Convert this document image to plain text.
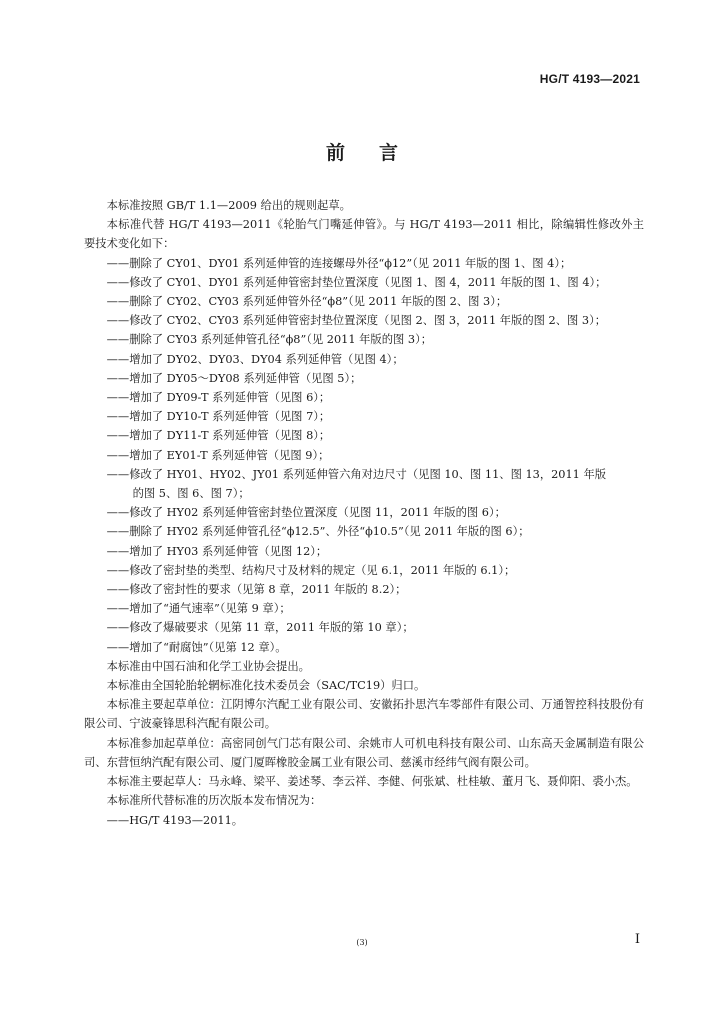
HG/T 4193—2021
前言

本标准按照 GB/T 1.1—2009 给出的规则起草。

本标准代替 HG/T 4193—2011《轮胎气门嘴延伸管》。与 HG/T 4193—2011 相比，除编辑性修改外主要技术变化如下：

——删除了 CY01、DY01 系列延伸管的连接螺母外径“ϕ12”（见 2011 年版的图 1、图 4）；

——修改了 CY01、DY01 系列延伸管密封垫位置深度（见图 1、图 4，2011 年版的图 1、图 4）；

——删除了 CY02、CY03 系列延伸管外径“ϕ8”（见 2011 年版的图 2、图 3）；

——修改了 CY02、CY03 系列延伸管密封垫位置深度（见图 2、图 3，2011 年版的图 2、图 3）；

——删除了 CY03 系列延伸管孔径“ϕ8”（见 2011 年版的图 3）；

——增加了 DY02、DY03、DY04 系列延伸管（见图 4）；

——增加了 DY05～DY08 系列延伸管（见图 5）；

——增加了 DY09-T 系列延伸管（见图 6）；

——增加了 DY10-T 系列延伸管（见图 7）；

——增加了 DY11-T 系列延伸管（见图 8）；

——增加了 EY01-T 系列延伸管（见图 9）；

——修改了 HY01、HY02、JY01 系列延伸管六角对边尺寸（见图 10、图 11、图 13，2011 年版
的图 5、图 6、图 7）；

——修改了 HY02 系列延伸管密封垫位置深度（见图 11，2011 年版的图 6）；

——删除了 HY02 系列延伸管孔径“ϕ12.5”、外径“ϕ10.5”（见 2011 年版的图 6）；

——增加了 HY03 系列延伸管（见图 12）；

——修改了密封垫的类型、结构尺寸及材料的规定（见 6.1，2011 年版的 6.1）；

——修改了密封性的要求（见第 8 章，2011 年版的 8.2）；

——增加了“通气速率”（见第 9 章）；

——修改了爆破要求（见第 11 章，2011 年版的第 10 章）；

——增加了“耐腐蚀”（见第 12 章）。

本标准由中国石油和化学工业协会提出。

本标准由全国轮胎轮辋标准化技术委员会（SAC/TC19）归口。

本标准主要起草单位：江阴博尔汽配工业有限公司、安徽拓扑思汽车零部件有限公司、万通智控科技股份有限公司、宁波豪锋思科汽配有限公司。

本标准参加起草单位：高密同创气门芯有限公司、余姚市人可机电科技有限公司、山东高天金属制造有限公司、东营恒纳汽配有限公司、厦门厦晖橡胶金属工业有限公司、慈溪市经纬气阀有限公司。

本标准主要起草人：马永峰、梁平、姜述琴、李云祥、李健、何张斌、杜桂敏、董月飞、聂仰阳、裘小杰。

本标准所代替标准的历次版本发布情况为：

——HG/T 4193—2011。

(3)	I
